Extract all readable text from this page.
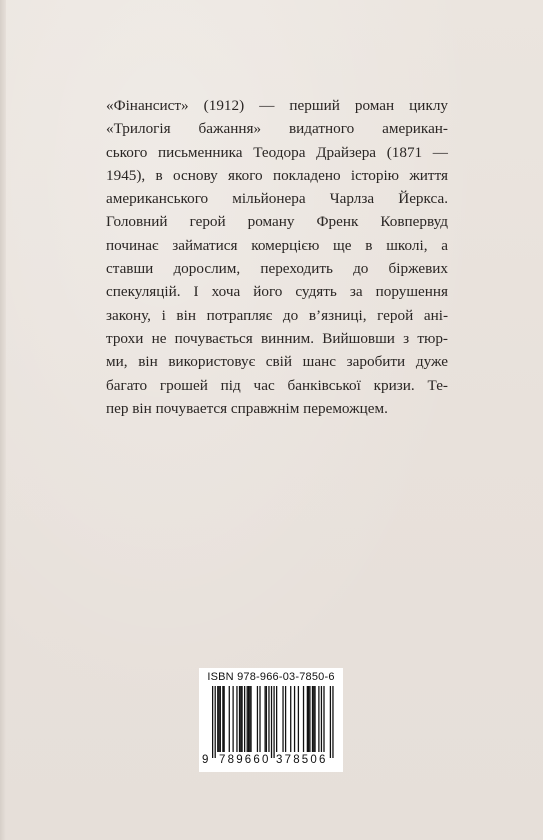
«Фінансист» (1912) — перший роман циклу
«Трилогія бажання» видатного американ-
ського письменника Теодора Драйзера (1871 —
1945), в основу якого покладено історію життя
американського мільйонера Чарлза Йеркса.
Головний герой роману Френк Ковпервуд
починає займатися комерцією ще в школі, а
ставши дорослим, переходить до біржевих
спекуляцій. І хоча його судять за порушення
закону, і він потрапляє до в’язниці, герой ані-
трохи не почувається винним. Вийшовши з тюр-
ми, він використовує свій шанс заробити дуже
багато грошей під час банківської кризи. Те-
пер він почувается справжнім переможцем.

ISBN 978-966-03-7850-6
9 789660 378506
